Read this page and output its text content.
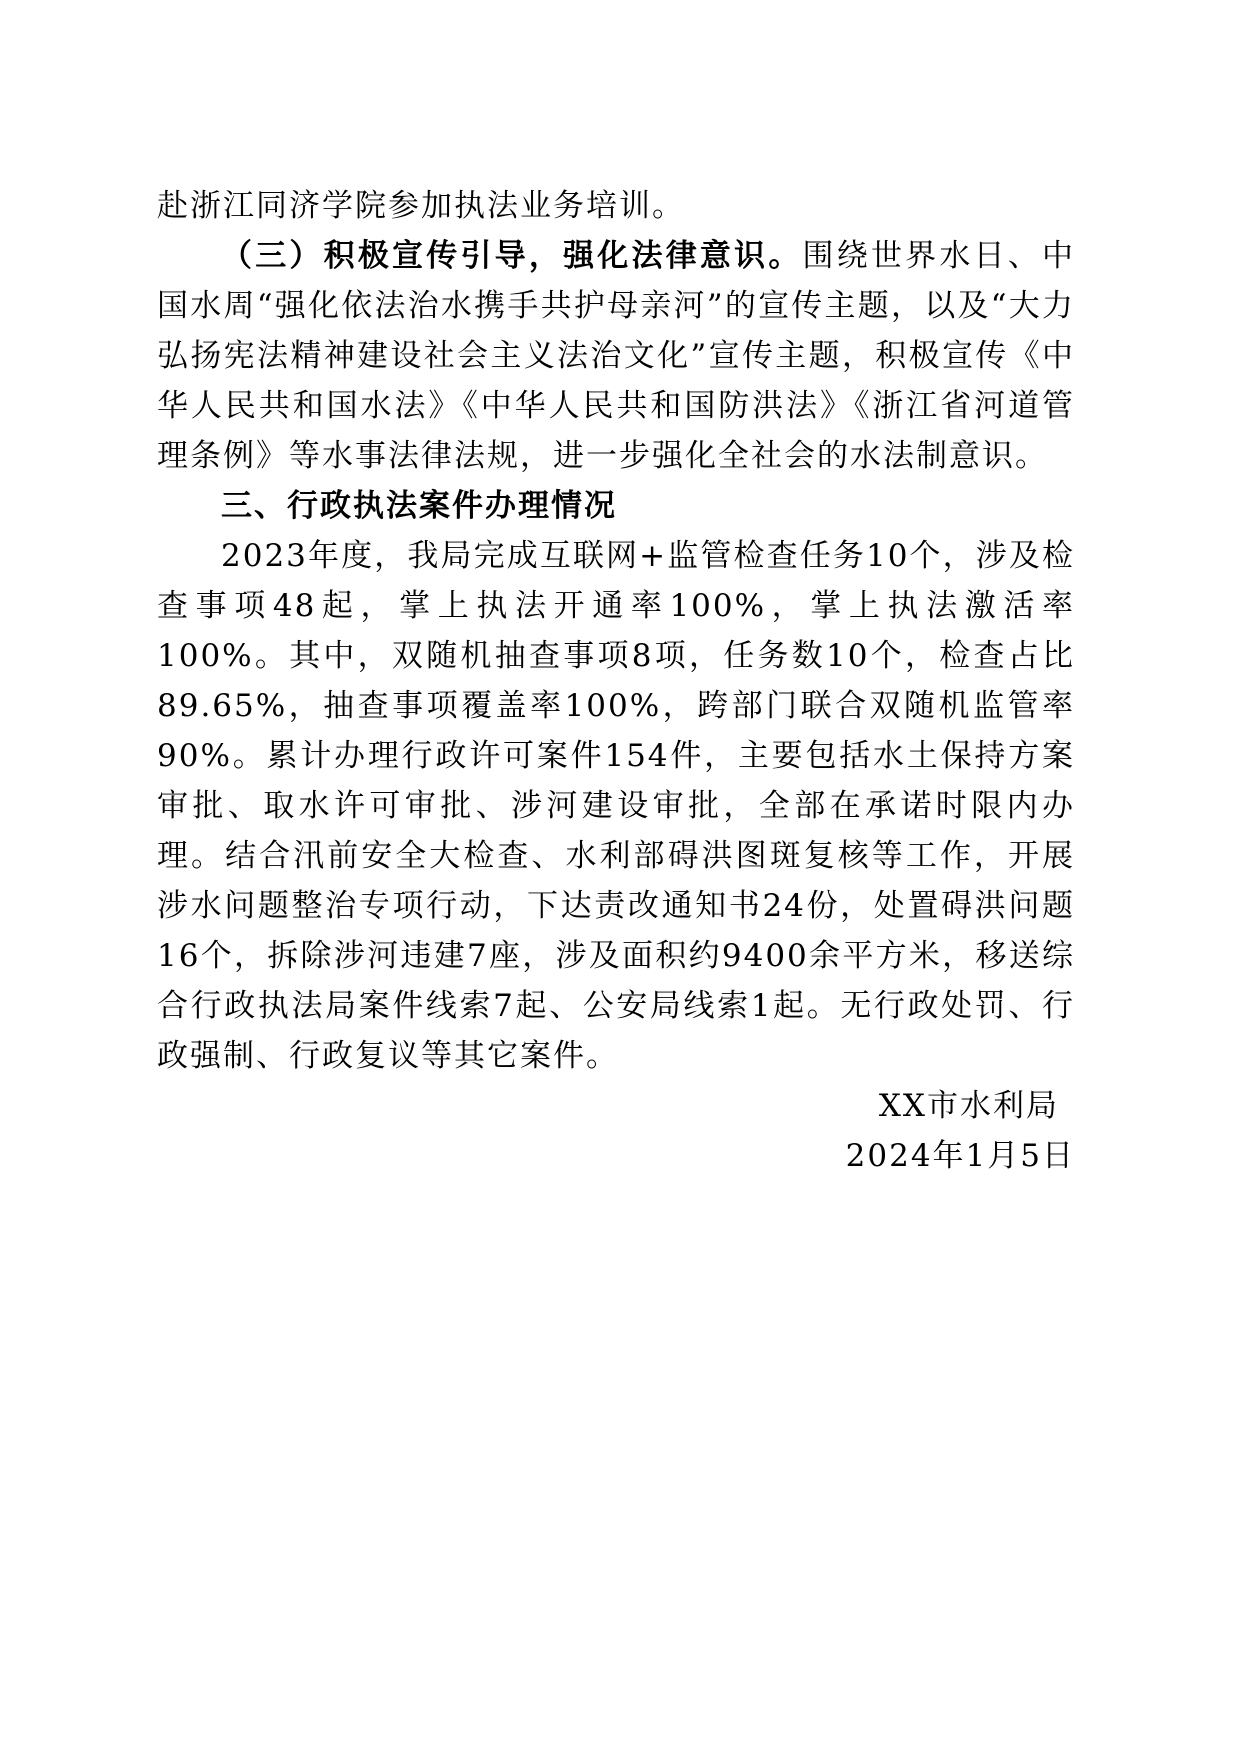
赴浙江同济学院参加执法业务培训。

（三）积极宣传引导，强化法律意识。围绕世界水日、中国水周“强化依法治水携手共护母亲河”的宣传主题，以及“大力弘扬宪法精神建设社会主义法治文化”宣传主题，积极宣传《中华人民共和国水法》《中华人民共和国防洪法》《浙江省河道管理条例》等水事法律法规，进一步强化全社会的水法制意识。

三、行政执法案件办理情况

2023年度，我局完成互联网+监管检查任务10个，涉及检查事项48起，掌上执法开通率100%，掌上执法激活率100%。其中，双随机抽查事项8项，任务数10个，检查占比89.65%，抽查事项覆盖率100%，跨部门联合双随机监管率90%。累计办理行政许可案件154件，主要包括水土保持方案审批、取水许可审批、涉河建设审批，全部在承诺时限内办理。结合汛前安全大检查、水利部碍洪图斑复核等工作，开展涉水问题整治专项行动，下达责改通知书24份，处置碍洪问题16个，拆除涉河违建7座，涉及面积约9400余平方米，移送综合行政执法局案件线索7起、公安局线索1起。无行政处罚、行政强制、行政复议等其它案件。

XX市水利局

2024年1月5日
